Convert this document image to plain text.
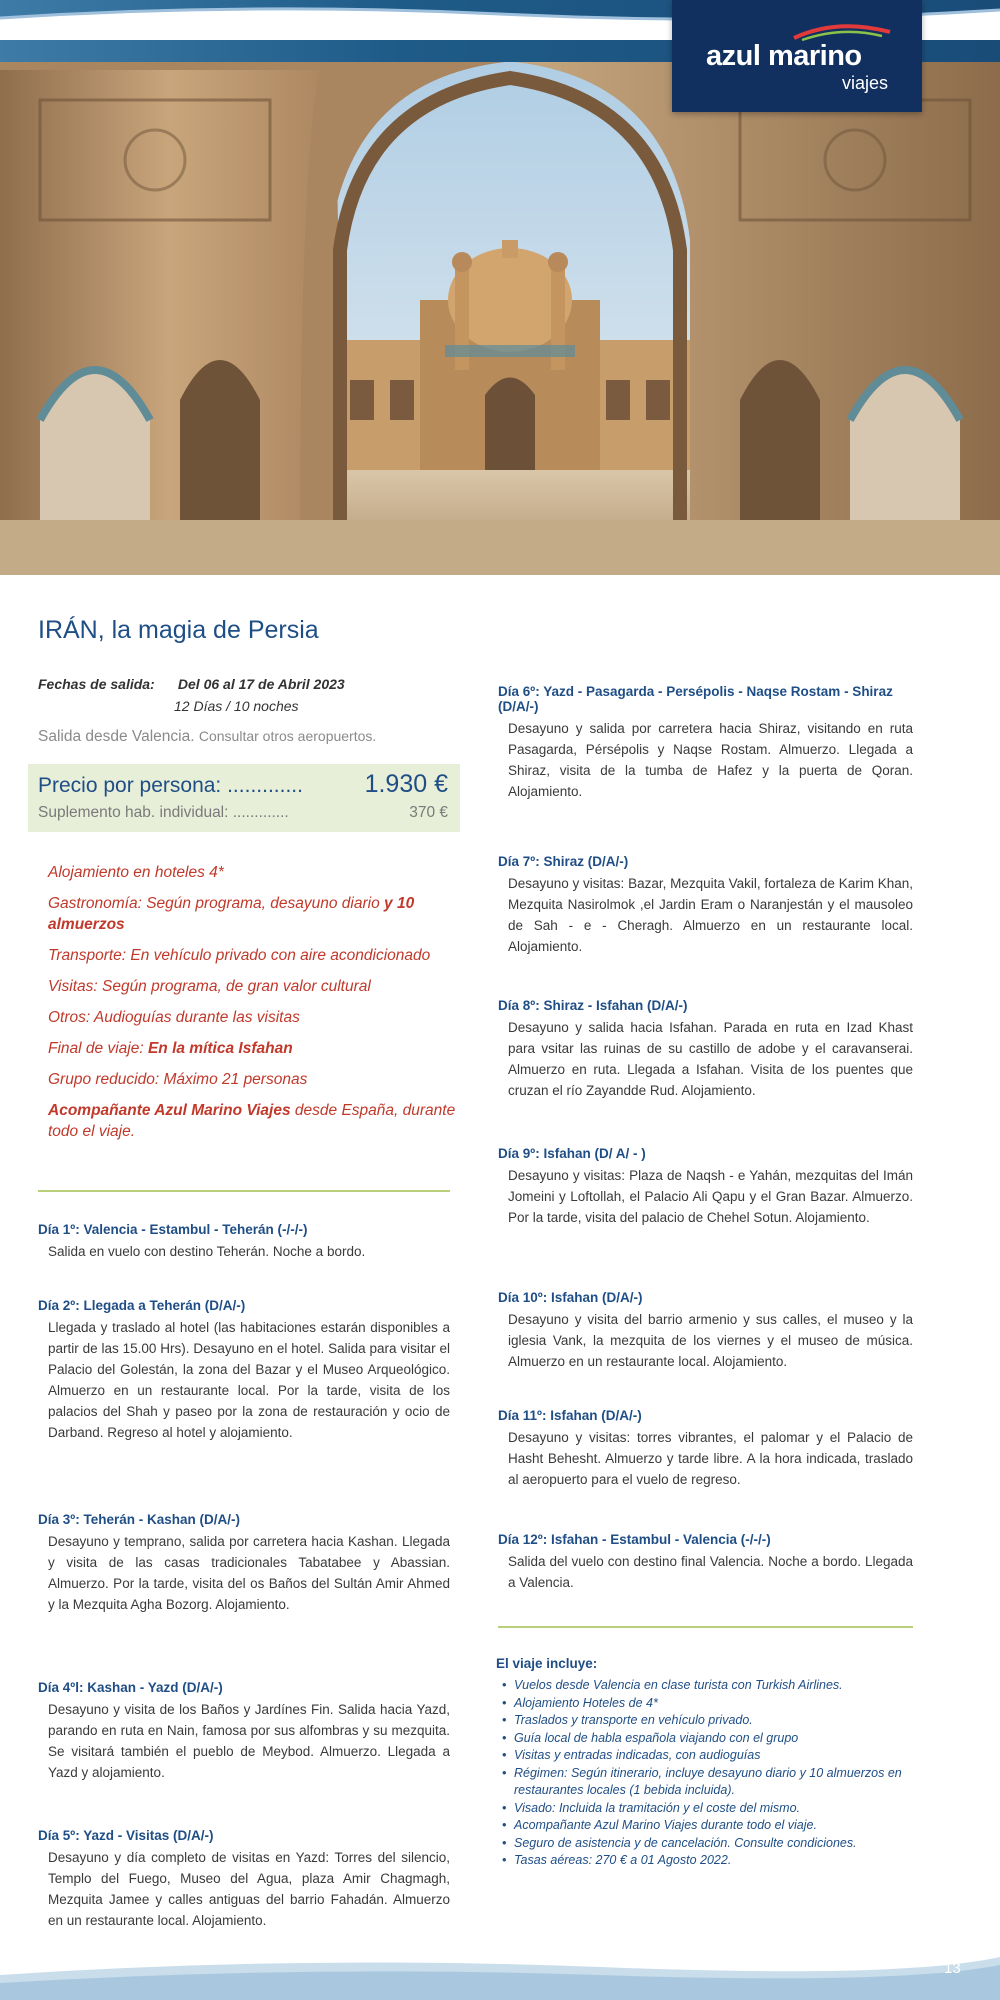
azul marino
viajes
IRÁN, la magia de Persia
Fechas de salida: Del 06 al 17 de Abril 2023
12 Días / 10 noches
Salida desde Valencia. Consultar otros aeropuertos.
Precio por persona: ............. 1.930 €
Suplemento hab. individual: .............	370 €
Alojamiento en hoteles 4*
Gastronomía: Según programa, desayuno diario y 10 almuerzos
Transporte: En vehículo privado con aire acondicionado
Visitas: Según programa, de gran valor cultural
Otros: Audioguías durante las visitas
Final de viaje: En la mítica Isfahan
Grupo reducido: Máximo 21 personas
Acompañante Azul Marino Viajes desde España, durante todo el viaje.
Día 1º: Valencia - Estambul - Teherán (-/-/-)

Salida en vuelo con destino Teherán. Noche a bordo.

Día 2º: Llegada a Teherán (D/A/-)

Llegada y traslado al hotel (las habitaciones estarán disponibles a partir de las 15.00 Hrs). Desayuno en el hotel. Salida para visitar el Palacio del Golestán, la zona del Bazar y el Museo Arqueológico. Almuerzo en un restaurante local. Por la tarde, visita de los palacios del Shah y paseo por la zona de restauración y ocio de Darband. Regreso al hotel y alojamiento.

Día 3º: Teherán - Kashan (D/A/-)

Desayuno y temprano, salida por carretera hacia Kashan. Llegada y visita de las casas tradicionales Tabatabee y Abassian. Almuerzo. Por la tarde, visita del os Baños del Sultán Amir Ahmed y la Mezquita Agha Bozorg. Alojamiento.

Día 4ºl: Kashan - Yazd (D/A/-)

Desayuno y visita de los Baños y Jardínes Fin. Salida hacia Yazd, parando en ruta en Nain, famosa por sus alfombras y su mezquita. Se visitará también el pueblo de Meybod. Almuerzo. Llegada a Yazd y alojamiento.

Día 5º: Yazd - Visitas (D/A/-)

Desayuno y día completo de visitas en Yazd: Torres del silencio, Templo del Fuego, Museo del Agua, plaza Amir Chagmagh, Mezquita Jamee y calles antiguas del barrio Fahadán. Almuerzo en un restaurante local. Alojamiento.

Día 6º: Yazd - Pasagarda - Persépolis - Naqse Rostam - Shiraz (D/A/-)

Desayuno y salida por carretera hacia Shiraz, visitando en ruta Pasagarda, Pérsépolis y Naqse Rostam. Almuerzo. Llegada a Shiraz, visita de la tumba de Hafez y la puerta de Qoran. Alojamiento.

Día 7º: Shiraz (D/A/-)

Desayuno y visitas: Bazar, Mezquita Vakil, fortaleza de Karim Khan, Mezquita Nasirolmok ,el Jardin Eram o Naranjestán y el mausoleo de Sah - e - Cheragh. Almuerzo en un restaurante local. Alojamiento.

Día 8º: Shiraz - Isfahan (D/A/-)

Desayuno y salida hacia Isfahan. Parada en ruta en Izad Khast para vsitar las ruinas de su castillo de adobe y el caravanserai. Almuerzo en ruta. Llegada a Isfahan. Visita de los puentes que cruzan el río Zayandde Rud. Alojamiento.

Día 9º: Isfahan (D/ A/ - )

Desayuno y visitas: Plaza de Naqsh - e Yahán, mezquitas del Imán Jomeini y Loftollah, el Palacio Ali Qapu y el Gran Bazar. Almuerzo. Por la tarde, visita del palacio de Chehel Sotun. Alojamiento.

Día 10º: Isfahan (D/A/-)

Desayuno y visita del barrio armenio y sus calles, el museo y la iglesia Vank, la mezquita de los viernes y el museo de música. Almuerzo en un restaurante local. Alojamiento.

Día 11º: Isfahan (D/A/-)

Desayuno y visitas: torres vibrantes, el palomar y el Palacio de Hasht Behesht. Almuerzo y tarde libre. A la hora indicada, traslado al aeropuerto para el vuelo de regreso.

Día 12º: Isfahan - Estambul - Valencia (-/-/-)

Salida del vuelo con destino final Valencia. Noche a bordo. Llegada a Valencia.

El viaje incluye:
• Vuelos desde Valencia en clase turista con Turkish Airlines.
• Alojamiento Hoteles de 4*
• Traslados y transporte en vehículo privado.
• Guía local de habla española viajando con el grupo
• Visitas y entradas indicadas, con audioguías
• Régimen: Según itinerario, incluye desayuno diario y 10 almuerzos en restaurantes locales (1 bebida incluida).
• Visado: Incluida la tramitación y el coste del mismo.
• Acompañante Azul Marino Viajes durante todo el viaje.
• Seguro de asistencia y de cancelación. Consulte condiciones.
• Tasas aéreas: 270 € a 01 Agosto 2022.
13
